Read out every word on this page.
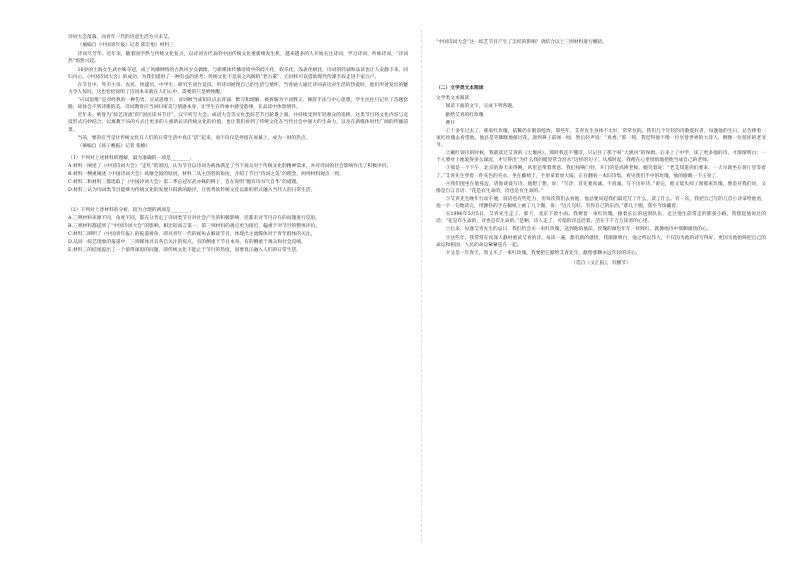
诗词大会落幕，而青年一代的诗意生活方兴未艾。

（摘编自《中国青年报》记者 邱宏旭）材料三

诗词尽芳华。近年来，随着国学热与传统文化复兴，以诗词为代表的中国传统文化重新焕发生机，越来越多的人开始关注诗词、学习诗词、吟咏诗词，“诗词热”悄然兴起。

16岁的上海女生武亦姝夺冠，成了风靡网络的古典风少女偶像，与新媒体传播语境中的碎片化、娱乐化、浅表化相比，诗词的吟诵和品读也让人安静下来，回归内心。《中国诗词大会》的成功，为我们提供了一种有益的思考：传统文化不是束之高阁的“老古董”，它同样可以借助现代传媒手段走进千家万户。

在节目中，外卖小哥、农民、快递员、中学生、研究生同台竞技，用诗词展现自己的生活与情怀。当普通人通过诗词表达对生活的热爱时，他们所迸发出的魅力令人惊叹，这也恰恰说明了诗词本来就在人们心中，需要的只是被唤醒。

“应试思维”是对经典的一种伤害。应试思维下，诗词被当成知识点去背诵、默写和理解，被拆解为字词释义、修辞手法与中心思想，学生往往只记住了答题套路，却体会不到诗歌的美。诗词教育应当回归审美与情感本身，让学生在吟咏中感受韵律，在品读中体察情怀。

近年来，被誉为“综艺清流”的“国民读书节目”，汉字听写大会、成语大会等文化类综艺节目轮番上演，并持续受到年轻观众的追捧。这类节目将文化内容与竞技形式巧妙结合，以寓教于乐的方式让更多的人重新认识传统文化的价值，也让我们看到了传统文化在当代社会中强大的生命力，以及在新媒体时代广阔的传播前景。

当前，要的应当是让传统文化在人们的日常生活中真正“活”起来，而不仅仅是停留在屏幕上，成为一时的热点。

（摘编自《扬子晚报》记者 张楠）

（1）下列对上述材料的理解，最为准确的一项是________。

A.材料一阐述了《中国诗词大会》“走红”的原因，认为节目以诗词为载体满足了当下观众对于传统文化的精神需求，并对诗词的社会影响作出了积极评价。

B.材料一侧重阐述《中国诗词大会》风靡全国的原因，材料二从主创者的角度，介绍了节目“诗词之美”的理念，两则材料观点一致。

C.材料二和材料三都选取了《中国诗词大会》第二季总冠军武亦姝的例子，旨在说明“腹有诗书气自华”的道理。

D.材料三认为诗词类节目能够为传统文化的发展开辟新的路径，让优秀的传统文化以新的形式融入当代人的日常生活。

（2）下列对上述材料的分析，较为合理的两项是________。

A.三则材料来源不同，角度不同，都充分肯定了诗词类节目对社会产生的积极影响，但都未对节目存在的问题进行反思。

B.三则材料都提到了“中国诗词大会”的影响，相比较而言第一、第三则材料的观点更为接近，偏重于对节目的整体评价。

C.材料二阐明了《中国青年报》的报道视角，即从青年一代的视角去解读节目，体现出主流媒体对于青年群体的关注。

D.从同一综艺现象的报道中，三则媒体具有各自关注的焦点，有的侧重于节目本身，有的侧重于观众和社会反响。

E.材料三的结尾提出了一个值得深思的问题，即传统文化不能止于节目的热度，而要真正融入人们的日常生活。

“中国诗词大会”这一综艺节目产生了怎样的影响？请结合以上三则材料进行概括。

（二）文学类文本阅读

文学类文本阅读

阅读下面的文字，完成下列各题。

献给艾青的红玫瑰

曹开

①十多年过去了，那束红玫瑰，依稀仍在眼前绽放。那些年，艾青先生身体不太好，常常住院。我们几个年轻的诗歌爱好者，每逢他的生日，总会捧着一束红玫瑰去看望他。他总是笑眯眯地接过花，凑到鼻子前闻一闻，然后轻声说：“真香。”那一刻，我觉得他不像一位享誉世界的大诗人，倒像一位慈祥的老爷爷。

②戴红领巾的时候，我就读过艾青的《大堰河》。那时我还不懂诗，只记住了那个叫“大堰河”的保姆。后来上了中学，读了更多他的诗，才渐渐明白：一个人要对土地爱得多么深沉，才写得出“为什么我的眼里常含泪水”这样的句子。从那时起，我便在心里悄悄地把他当成自己的老师。

③那是一个下午，北京的春天来得晚，风里还带着寒意。我们按响门铃，开门的是高瑛老师。她笑着说：“老艾知道你们要来，一大早就坐在客厅里等着了。”艾青先生穿着一件灰色的毛衣，坐在藤椅上，手里拿着放大镜，正在翻看一本旧诗集。看见我们手中的玫瑰，他的眼睛一下子亮了。

④我们围坐在他身边，请他谈谈写诗。他想了想，说：“写诗，首先要真诚。不真诚，写不出好诗。”说完，他又低头闻了闻那束玫瑰，像是对我们说，又像是自言自语：“花是有生命的，诗也是有生命的。”

⑤艾青先生晚年行动不便，说话也有些吃力，但每次我们去看他，他总要问起我们最近写了什么，读了什么。有一次，我把自己写的几首小诗拿给他看，他一字一句地读完，用颤抖的手在稿纸上画了几个圈，说：“这几句好，有你自己的东西。”那几个圈，我至今珍藏着。

⑥1996年5月5日，艾青先生走了。那天，北京下着小雨。我捧着一束红玫瑰，跟着长长的送别队伍，走过他生前常走的那条小路。我想起他说过的话：“花是有生命的，诗也是有生命的。”是啊，诗人走了，可他的诗还活着，活在千千万万读者的心里。

⑦后来，每逢艾青先生的忌日，我们仍会买一束红玫瑰，送到他的墓前。玫瑰的颜色年年一样鲜红，就像他诗中那颗滚烫的心。

⑧这些年，我常常在夜深人静时重读艾青的诗。每读一遍，都有新的感悟。我渐渐明白，他之所以伟大，不仅因为他的诗写得好，更因为他始终把自己的命运和祖国、人民的命运紧紧连在一起。

⑨又是一年春天，我又买了一束红玫瑰。我要把它献给艾青先生，献给那颗永远年轻的诗心。

（选自《文汇报》，有删节）
